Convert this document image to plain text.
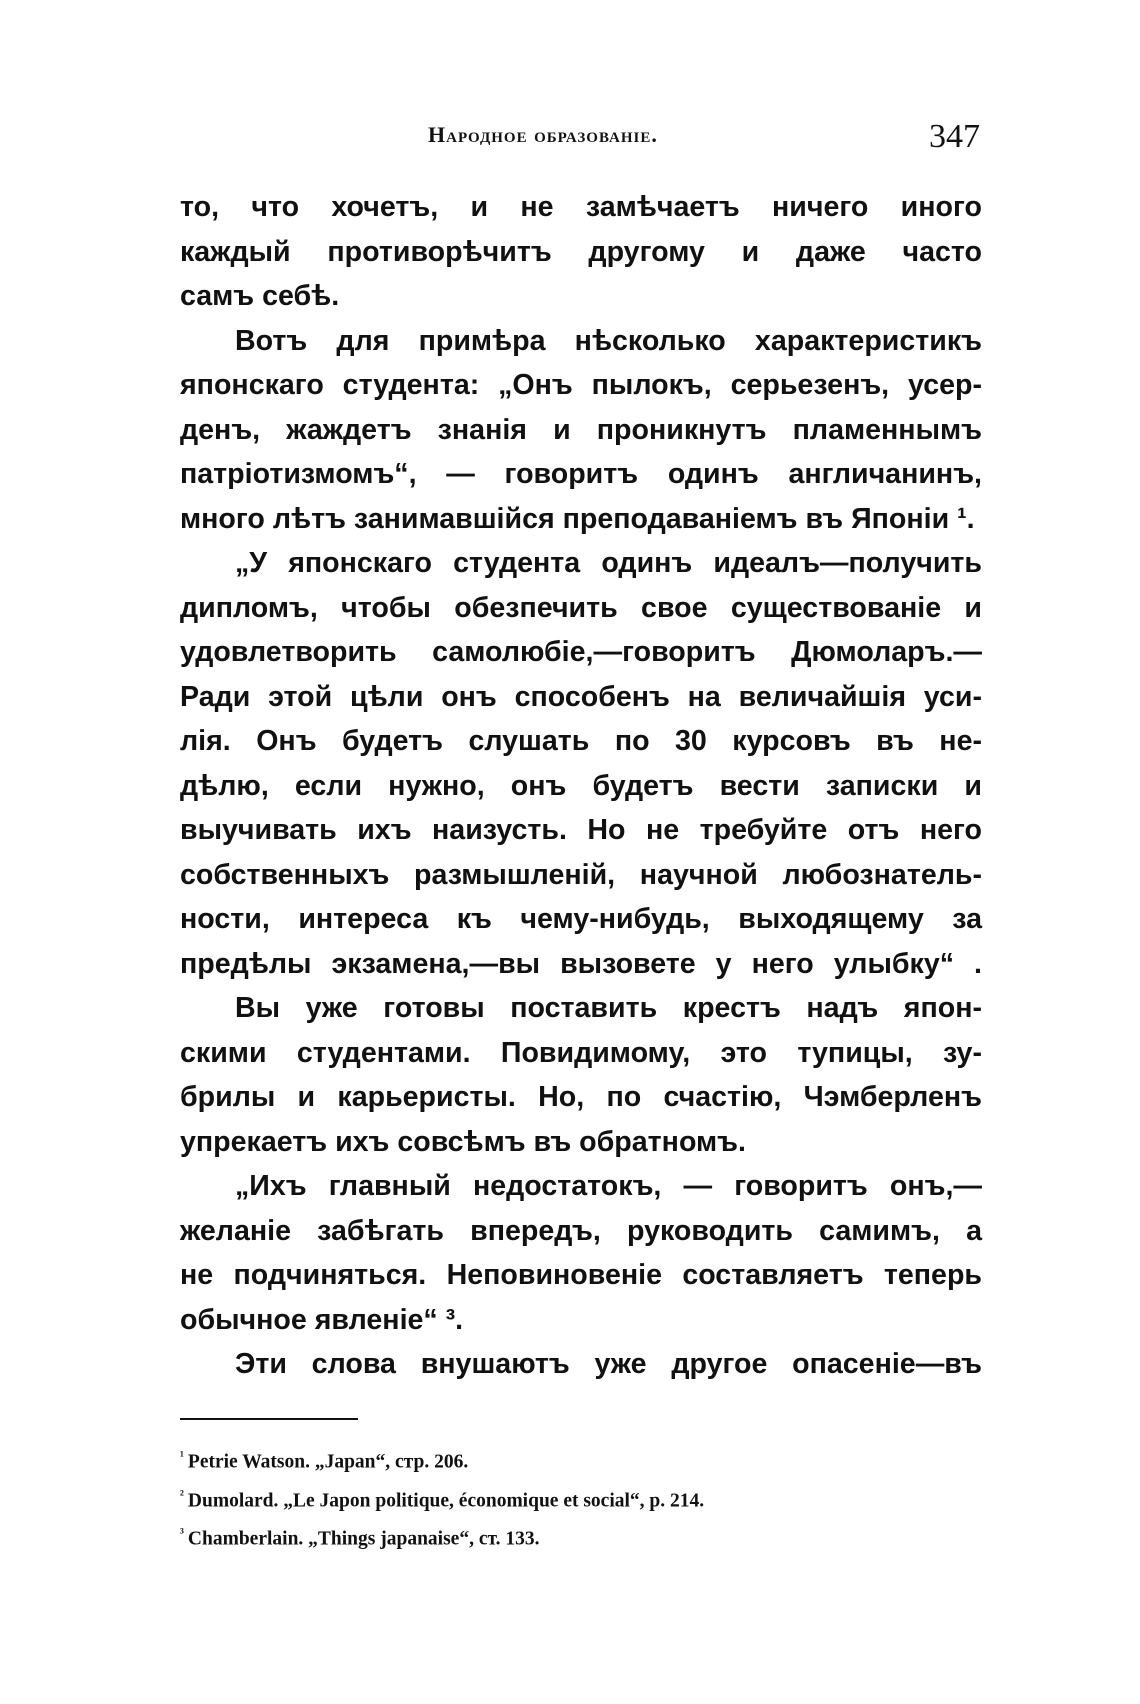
Народное образованіе.	347
то, что хочетъ, и не замѣчаетъ ничего иного
каждый противорѣчитъ другому и даже часто
самъ себѣ.
Вотъ для примѣра нѣсколько характеристикъ
японскаго студента: „Онъ пылокъ, серьезенъ, усер-
денъ, жаждетъ знанія и проникнутъ пламеннымъ
патріотизмомъ“, — говоритъ одинъ англичанинъ,
много лѣтъ занимавшійся преподаваніемъ въ Японіи ¹.
„У японскаго студента одинъ идеалъ—получить
дипломъ, чтобы обезпечить свое существованіе и
удовлетворить самолюбіе,—говоритъ Дюмоларъ.—
Ради этой цѣли онъ способенъ на величайшія уси-
лія. Онъ будетъ слушать по 30 курсовъ въ не-
дѣлю, если нужно, онъ будетъ вести записки и
выучивать ихъ наизусть. Но не требуйте отъ него
собственныхъ размышленій, научной любознатель-
ности, интереса къ чему-нибудь, выходящему за
предѣлы экзамена,—вы вызовете у него улыбку“ .
Вы уже готовы поставить крестъ надъ япон-
скими студентами. Повидимому, это тупицы, зу-
брилы и карьеристы. Но, по счастію, Чэмберленъ
упрекаетъ ихъ совсѣмъ въ обратномъ.
„Ихъ главный недостатокъ, — говоритъ онъ,—
желаніе забѣгать впередъ, руководить самимъ, а
не подчиняться. Неповиновеніе составляетъ теперь
обычное явленіе“ ³.
Эти слова внушаютъ уже другое опасеніе—въ
$^{^1}$ Petrie Watson. „Japan“, стр. 206.
$^{^2}$ Dumolard. „Le Japon politique, économique et social“, p. 214.
$^{^3}$ Chamberlain. „Things japanaise“, ст. 133.
